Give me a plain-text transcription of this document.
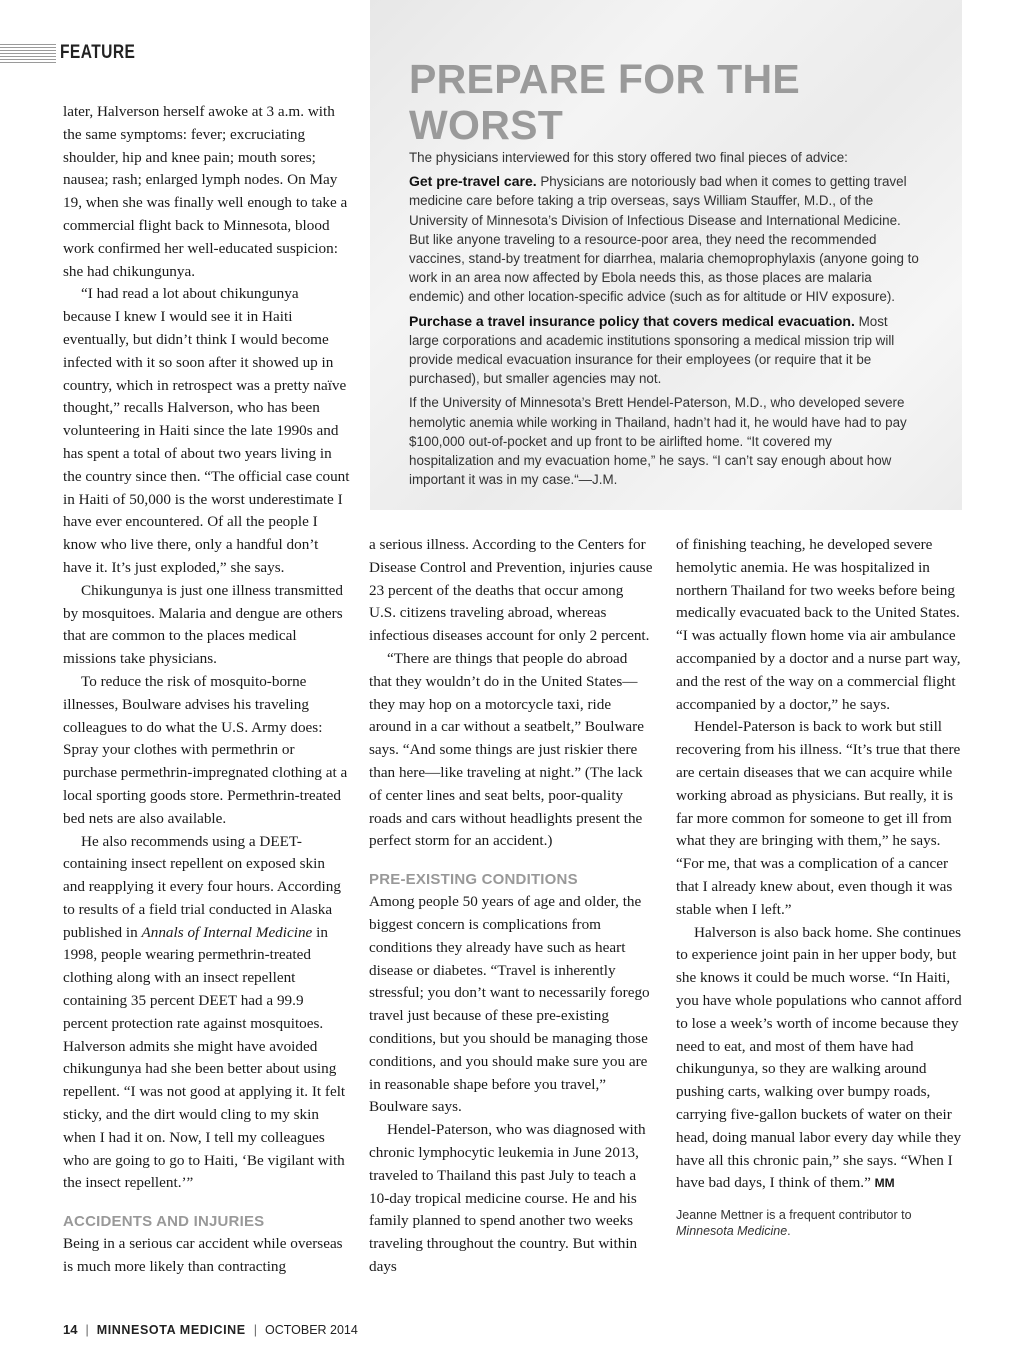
FEATURE
PREPARE FOR THE WORST

The physicians interviewed for this story offered two final pieces of advice:

Get pre-travel care. Physicians are notoriously bad when it comes to getting travel medicine care before taking a trip overseas, says William Stauffer, M.D., of the University of Minnesota’s Division of Infectious Disease and International Medicine. But like anyone traveling to a resource-poor area, they need the recommended vaccines, stand-by treatment for diarrhea, malaria chemoprophylaxis (anyone going to work in an area now affected by Ebola needs this, as those places are malaria endemic) and other location-specific advice (such as for altitude or HIV exposure).

Purchase a travel insurance policy that covers medical evacuation. Most large corporations and academic institutions sponsoring a medical mission trip will provide medical evacuation insurance for their employees (or require that it be purchased), but smaller agencies may not.

If the University of Minnesota’s Brett Hendel-Paterson, M.D., who developed severe hemolytic anemia while working in Thailand, hadn’t had it, he would have had to pay $100,000 out-of-pocket and up front to be airlifted home. “It covered my hospitalization and my evacuation home,” he says. “I can’t say enough about how important it was in my case.“—J.M.

later, Halverson herself awoke at 3 a.m. with the same symptoms: fever; excruciating shoulder, hip and knee pain; mouth sores; nausea; rash; enlarged lymph nodes. On May 19, when she was finally well enough to take a commercial flight back to Minnesota, blood work confirmed her well-educated suspicion: she had chikungunya.

“I had read a lot about chikungunya because I knew I would see it in Haiti eventually, but didn’t think I would become infected with it so soon after it showed up in country, which in retrospect was a pretty naïve thought,” recalls Halverson, who has been volunteering in Haiti since the late 1990s and has spent a total of about two years living in the country since then. “The official case count in Haiti of 50,000 is the worst underestimate I have ever encountered. Of all the people I know who live there, only a handful don’t have it. It’s just exploded,” she says.

Chikungunya is just one illness transmitted by mosquitoes. Malaria and dengue are others that are common to the places medical missions take physicians.

To reduce the risk of mosquito-borne illnesses, Boulware advises his traveling colleagues to do what the U.S. Army does: Spray your clothes with permethrin or purchase permethrin-impregnated clothing at a local sporting goods store. Permethrin-treated bed nets are also available.

He also recommends using a DEET-containing insect repellent on exposed skin and reapplying it every four hours. According to results of a field trial conducted in Alaska published in Annals of Internal Medicine in 1998, people wearing permethrin-treated clothing along with an insect repellent containing 35 percent DEET had a 99.9 percent protection rate against mosquitoes. Halverson admits she might have avoided chikungunya had she been better about using repellent. “I was not good at applying it. It felt sticky, and the dirt would cling to my skin when I had it on. Now, I tell my colleagues who are going to go to Haiti, ‘Be vigilant with the insect repellent.’”

ACCIDENTS AND INJURIES

Being in a serious car accident while overseas is much more likely than contracting

a serious illness. According to the Centers for Disease Control and Prevention, injuries cause 23 percent of the deaths that occur among U.S. citizens traveling abroad, whereas infectious diseases account for only 2 percent.

“There are things that people do abroad that they wouldn’t do in the United States—they may hop on a motorcycle taxi, ride around in a car without a seatbelt,” Boulware says. “And some things are just riskier there than here—like traveling at night.” (The lack of center lines and seat belts, poor-quality roads and cars without headlights present the perfect storm for an accident.)

PRE-EXISTING CONDITIONS

Among people 50 years of age and older, the biggest concern is complications from conditions they already have such as heart disease or diabetes. “Travel is inherently stressful; you don’t want to necessarily forego travel just because of these pre-existing conditions, but you should be managing those conditions, and you should make sure you are in reasonable shape before you travel,” Boulware says.

Hendel-Paterson, who was diagnosed with chronic lymphocytic leukemia in June 2013, traveled to Thailand this past July to teach a 10-day tropical medicine course. He and his family planned to spend another two weeks traveling throughout the country. But within days

of finishing teaching, he developed severe hemolytic anemia. He was hospitalized in northern Thailand for two weeks before being medically evacuated back to the United States. “I was actually flown home via air ambulance accompanied by a doctor and a nurse part way, and the rest of the way on a commercial flight accompanied by a doctor,” he says.

Hendel-Paterson is back to work but still recovering from his illness. “It’s true that there are certain diseases that we can acquire while working abroad as physicians. But really, it is far more common for someone to get ill from what they are bringing with them,” he says. “For me, that was a complication of a cancer that I already knew about, even though it was stable when I left.”

Halverson is also back home. She continues to experience joint pain in her upper body, but she knows it could be much worse. “In Haiti, you have whole populations who cannot afford to lose a week’s worth of income because they need to eat, and most of them have had chikungunya, so they are walking around pushing carts, walking over bumpy roads, carrying five-gallon buckets of water on their head, doing manual labor every day while they have all this chronic pain,” she says. “When I have bad days, I think of them.” MM

Jeanne Mettner is a frequent contributor to Minnesota Medicine.
14 | MINNESOTA MEDICINE | OCTOBER 2014
